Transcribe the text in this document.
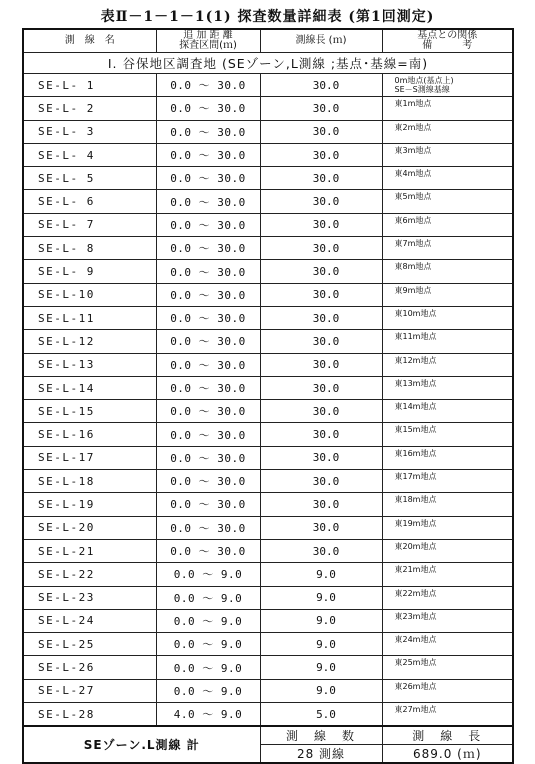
表Ⅱ－1－1－1(1) 探査数量詳細表 (第1回測定)
測　線　名	追 加 距 離
探査区間(ｍ)	測線長 (ｍ)	基点との関係
備　　　考
Ⅰ. 谷保地区調査地 (SEゾーン,L測線 ;基点･基線=南)			
SE-L- 1	0.0 ～ 30.0	30.0	0m地点(基点上)
SE－S測線基線

SE-L- 2	0.0 ～ 30.0	30.0	東1m地点

SE-L- 3	0.0 ～ 30.0	30.0	東2m地点

SE-L- 4	0.0 ～ 30.0	30.0	東3m地点

SE-L- 5	0.0 ～ 30.0	30.0	東4m地点

SE-L- 6	0.0 ～ 30.0	30.0	東5m地点

SE-L- 7	0.0 ～ 30.0	30.0	東6m地点

SE-L- 8	0.0 ～ 30.0	30.0	東7m地点

SE-L- 9	0.0 ～ 30.0	30.0	東8m地点

SE-L-10	0.0 ～ 30.0	30.0	東9m地点

SE-L-11	0.0 ～ 30.0	30.0	東10m地点

SE-L-12	0.0 ～ 30.0	30.0	東11m地点

SE-L-13	0.0 ～ 30.0	30.0	東12m地点

SE-L-14	0.0 ～ 30.0	30.0	東13m地点

SE-L-15	0.0 ～ 30.0	30.0	東14m地点

SE-L-16	0.0 ～ 30.0	30.0	東15m地点

SE-L-17	0.0 ～ 30.0	30.0	東16m地点

SE-L-18	0.0 ～ 30.0	30.0	東17m地点

SE-L-19	0.0 ～ 30.0	30.0	東18m地点

SE-L-20	0.0 ～ 30.0	30.0	東19m地点

SE-L-21	0.0 ～ 30.0	30.0	東20m地点

SE-L-22	0.0 ～ 9.0	9.0	東21m地点

SE-L-23	0.0 ～ 9.0	9.0	東22m地点

SE-L-24	0.0 ～ 9.0	9.0	東23m地点

SE-L-25	0.0 ～ 9.0	9.0	東24m地点

SE-L-26	0.0 ～ 9.0	9.0	東25m地点

SE-L-27	0.0 ～ 9.0	9.0	東26m地点

SE-L-28	4.0 ～ 9.0	5.0	東27m地点

SEゾーン.L測線 計		測　線　数	測　線　長
		28 測線	689.0 (ｍ)
